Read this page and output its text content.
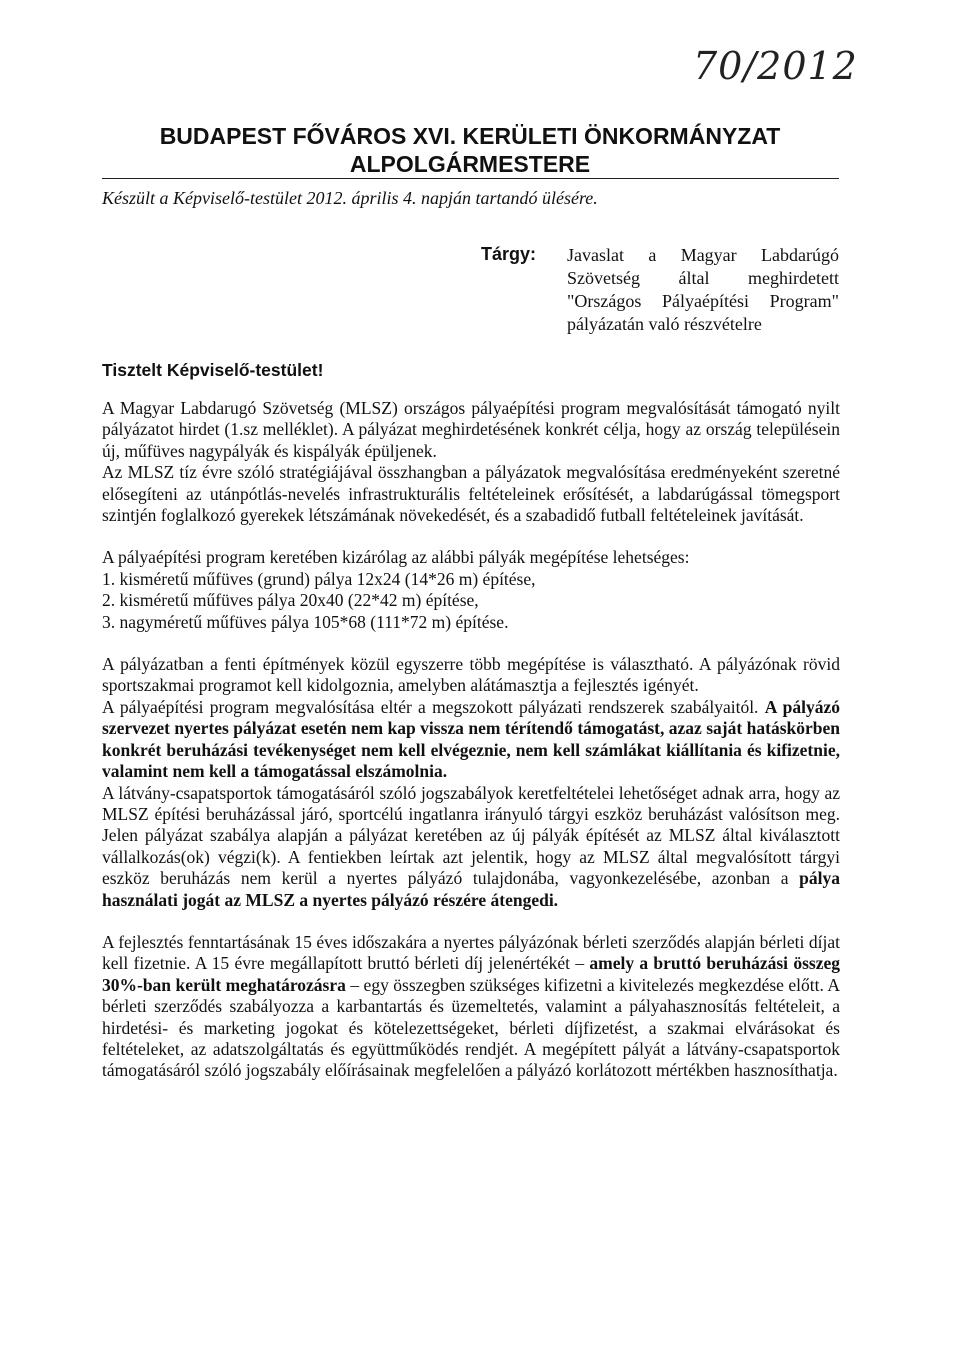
70/2012
BUDAPEST FŐVÁROS XVI. KERÜLETI ÖNKORMÁNYZAT
ALPOLGÁRMESTERE
Készült a Képviselő-testület 2012. április 4. napján tartandó ülésére.
Tárgy: Javaslat a Magyar Labdarúgó Szövetség által meghirdetett "Országos Pályaépítési Program" pályázatán való részvételre
Tisztelt Képviselő-testület!

A Magyar Labdarugó Szövetség (MLSZ) országos pályaépítési program megvalósítását támogató nyilt pályázatot hirdet (1.sz melléklet). A pályázat meghirdetésének konkrét célja, hogy az ország településein új, műfüves nagypályák és kispályák épüljenek.

Az MLSZ tíz évre szóló stratégiájával összhangban a pályázatok megvalósítása eredményeként szeretné elősegíteni az utánpótlás-nevelés infrastrukturális feltételeinek erősítését, a labdarúgással tömegsport szintjén foglalkozó gyerekek létszámának növekedését, és a szabadidő futball feltételeinek javítását.

A pályaépítési program keretében kizárólag az alábbi pályák megépítése lehetséges:

1. kisméretű műfüves (grund) pálya 12x24 (14*26 m) építése,

2. kisméretű műfüves pálya 20x40 (22*42 m) építése,

3. nagyméretű műfüves pálya 105*68 (111*72 m) építése.

A pályázatban a fenti építmények közül egyszerre több megépítése is választható. A pályázónak rövid sportszakmai programot kell kidolgoznia, amelyben alátámasztja a fejlesztés igényét.

A pályaépítési program megvalósítása eltér a megszokott pályázati rendszerek szabályaitól. A pályázó szervezet nyertes pályázat esetén nem kap vissza nem térítendő támogatást, azaz saját hatáskörben konkrét beruházási tevékenységet nem kell elvégeznie, nem kell számlákat kiállítania és kifizetnie, valamint nem kell a támogatással elszámolnia.

A látvány-csapatsportok támogatásáról szóló jogszabályok keretfeltételei lehetőséget adnak arra, hogy az MLSZ építési beruházással járó, sportcélú ingatlanra irányuló tárgyi eszköz beruházást valósítson meg. Jelen pályázat szabálya alapján a pályázat keretében az új pályák építését az MLSZ által kiválasztott vállalkozás(ok) végzi(k). A fentiekben leírtak azt jelentik, hogy az MLSZ által megvalósított tárgyi eszköz beruházás nem kerül a nyertes pályázó tulajdonába, vagyonkezelésébe, azonban a pálya használati jogát az MLSZ a nyertes pályázó részére átengedi.

A fejlesztés fenntartásának 15 éves időszakára a nyertes pályázónak bérleti szerződés alapján bérleti díjat kell fizetnie. A 15 évre megállapított bruttó bérleti díj jelenértékét – amely a bruttó beruházási összeg 30%-ban került meghatározásra – egy összegben szükséges kifizetni a kivitelezés megkezdése előtt. A bérleti szerződés szabályozza a karbantartás és üzemeltetés, valamint a pályahasznosítás feltételeit, a hirdetési- és marketing jogokat és kötelezettségeket, bérleti díjfizetést, a szakmai elvárásokat és feltételeket, az adatszolgáltatás és együttműködés rendjét. A megépített pályát a látvány-csapatsportok támogatásáról szóló jogszabály előírásainak megfelelően a pályázó korlátozott mértékben hasznosíthatja.
